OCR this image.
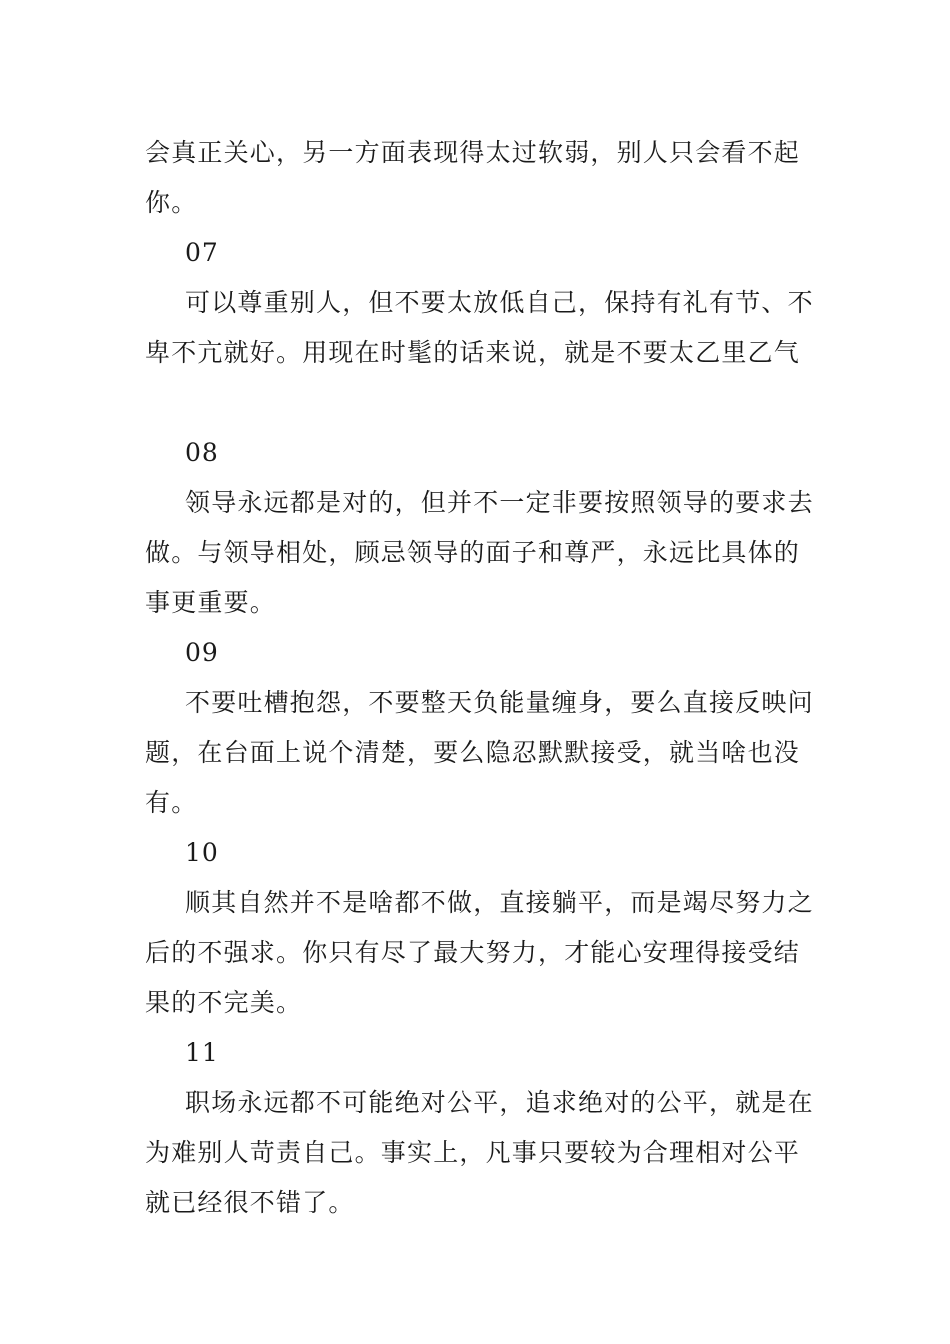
会真正关心，另一方面表现得太过软弱，别人只会看不起
你。
07
可以尊重别人，但不要太放低自己，保持有礼有节、不
卑不亢就好。用现在时髦的话来说，就是不要太乙里乙气
08
领导永远都是对的，但并不一定非要按照领导的要求去
做。与领导相处，顾忌领导的面子和尊严，永远比具体的
事更重要。
09
不要吐槽抱怨，不要整天负能量缠身，要么直接反映问
题，在台面上说个清楚，要么隐忍默默接受，就当啥也没
有。
10
顺其自然并不是啥都不做，直接躺平，而是竭尽努力之
后的不强求。你只有尽了最大努力，才能心安理得接受结
果的不完美。
11
职场永远都不可能绝对公平，追求绝对的公平，就是在
为难别人苛责自己。事实上，凡事只要较为合理相对公平
就已经很不错了。
